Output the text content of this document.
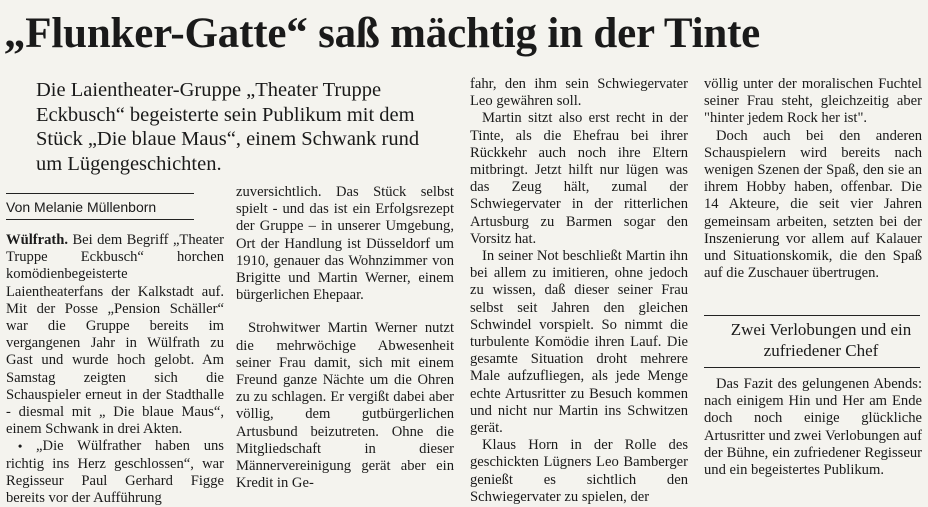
„Flunker-Gatte“ saß mächtig in der Tinte
Die Laientheater-Gruppe „Theater Truppe Eckbusch“ begeisterte sein Publikum mit dem Stück „Die blaue Maus“, einem Schwank rund um Lügengeschichten.
Von Melanie Müllenborn

Wülfrath. Bei dem Begriff „Theater Truppe Eckbusch“ horchen komödienbegeisterte Laientheaterfans der Kalkstadt auf. Mit der Posse „Pension Schäller“ war die Gruppe bereits im vergangenen Jahr in Wülfrath zu Gast und wurde hoch gelobt. Am Samstag zeigten sich die Schauspieler erneut in der Stadthalle - diesmal mit „ Die blaue Maus“, einem Schwank in drei Akten.

• „Die Wülfrather haben uns richtig ins Herz geschlossen“, war Regisseur Paul Gerhard Figge bereits vor der Aufführung

zuversichtlich. Das Stück selbst spielt - und das ist ein Erfolgsrezept der Gruppe – in unserer Umgebung, Ort der Handlung ist Düsseldorf um 1910, genauer das Wohnzimmer von Brigitte und Martin Werner, einem bürgerlichen Ehepaar.

Strohwitwer Martin Werner nutzt die mehrwöchige Abwesenheit seiner Frau damit, sich mit einem Freund ganze Nächte um die Ohren zu zu schlagen. Er vergißt dabei aber völlig, dem gutbürgerlichen Artusbund beizutreten. Ohne die Mitgliedschaft in dieser Männervereinigung gerät aber ein Kredit in Ge-

fahr, den ihm sein Schwiegervater Leo gewähren soll.

Martin sitzt also erst recht in der Tinte, als die Ehefrau bei ihrer Rückkehr auch noch ihre Eltern mitbringt. Jetzt hilft nur lügen was das Zeug hält, zumal der Schwiegervater in der ritterlichen Artusburg zu Barmen sogar den Vorsitz hat.

In seiner Not beschließt Martin ihn bei allem zu imitieren, ohne jedoch zu wissen, daß dieser seiner Frau selbst seit Jahren den gleichen Schwindel vorspielt. So nimmt die turbulente Komödie ihren Lauf. Die gesamte Situation droht mehrere Male aufzufliegen, als jede Menge echte Artusritter zu Besuch kommen und nicht nur Martin ins Schwitzen gerät.

Klaus Horn in der Rolle des geschickten Lügners Leo Bamberger genießt es sichtlich den Schwiegervater zu spielen, der

völlig unter der moralischen Fuchtel seiner Frau steht, gleichzeitig aber "hinter jedem Rock her ist".

Doch auch bei den anderen Schauspielern wird bereits nach wenigen Szenen der Spaß, den sie an ihrem Hobby haben, offenbar. Die 14 Akteure, die seit vier Jahren gemeinsam arbeiten, setzten bei der Inszenierung vor allem auf Kalauer und Situationskomik, die den Spaß auf die Zuschauer übertrugen.

Zwei Verlobungen und ein zufriedener Chef

Das Fazit des gelungenen Abends: nach einigem Hin und Her am Ende doch noch einige glückliche Artusritter und zwei Verlobungen auf der Bühne, ein zufriedener Regisseur und ein begeistertes Publikum.
